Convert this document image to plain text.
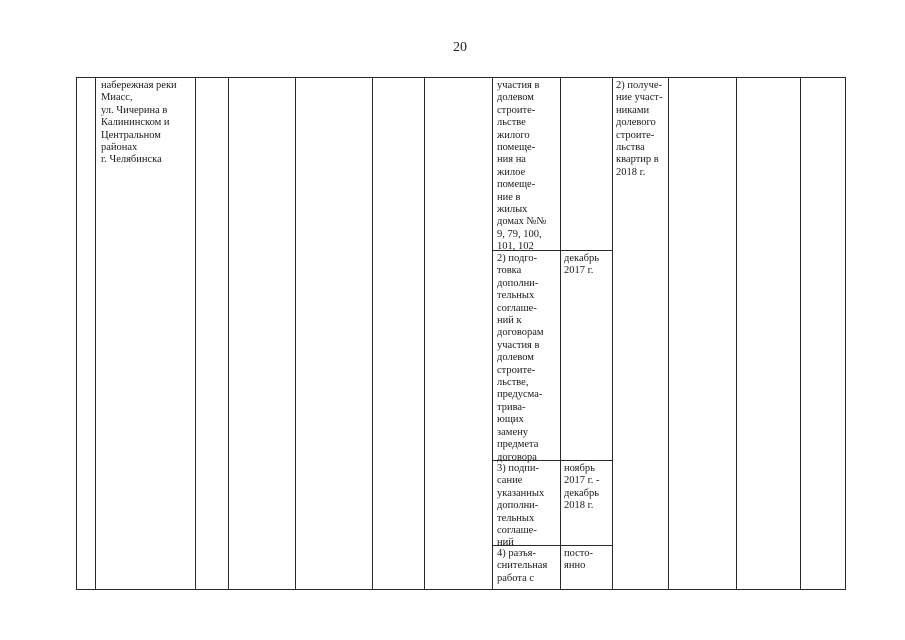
20
набережная реки
Миасс,
ул. Чичерина в
Калининском и
Центральном
районах
г. Челябинска
участия в
долевом
строите-
льстве
жилого
помеще-
ния на
жилое
помеще-
ние в
жилых
домах №№
9, 79, 100,
101, 102
2) подго-
товка
дополни-
тельных
соглаше-
ний к
договорам
участия в
долевом
строите-
льстве,
предусма-
трива-
ющих
замену
предмета
договора
декабрь
2017 г.
3) подпи-
сание
указанных
дополни-
тельных
соглаше-
ний
ноябрь
2017 г. -
декабрь
2018 г.
4) разъя-
снительная
работа с
посто-
янно
2) получе-
ние участ-
никами
долевого
строите-
льства
квартир в
2018 г.
